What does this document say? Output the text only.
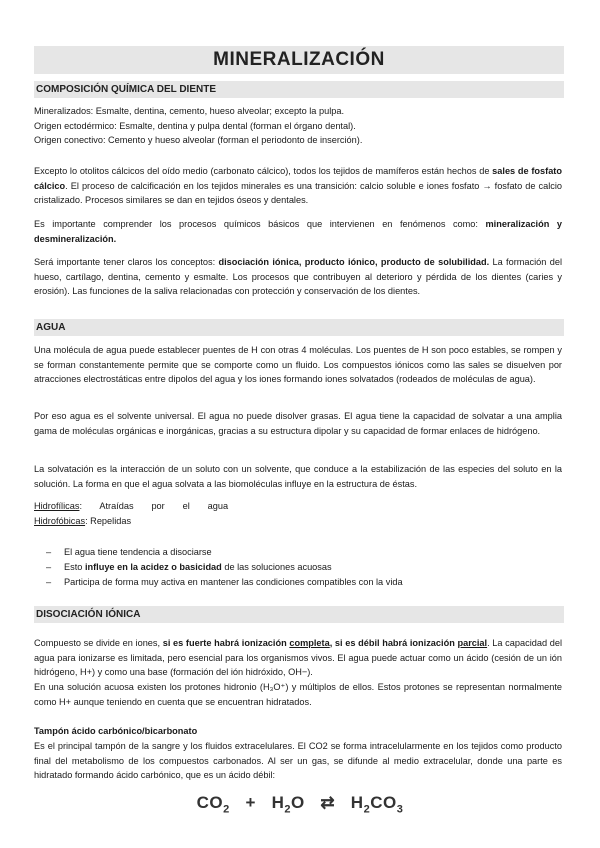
MINERALIZACIÓN
COMPOSICIÓN QUÍMICA DEL DIENTE

Mineralizados: Esmalte, dentina, cemento, hueso alveolar; excepto la pulpa.
Origen ectodérmico: Esmalte, dentina y pulpa dental (forman el órgano dental).
Origen conectivo: Cemento y hueso alveolar (forman el periodonto de inserción).

Excepto lo otolitos cálcicos del oído medio (carbonato cálcico), todos los tejidos de mamíferos están hechos de sales de fosfato cálcico. El proceso de calcificación en los tejidos minerales es una transición: calcio soluble e iones fosfato → fosfato de calcio cristalizado. Procesos similares se dan en tejidos óseos y dentales.

Es importante comprender los procesos químicos básicos que intervienen en fenómenos como: mineralización y desmineralización.

Será importante tener claros los conceptos: disociación iónica, producto iónico, producto de solubilidad. La formación del hueso, cartílago, dentina, cemento y esmalte. Los procesos que contribuyen al deterioro y pérdida de los dientes (caries y erosión). Las funciones de la saliva relacionadas con protección y conservación de los dientes.

AGUA

Una molécula de agua puede establecer puentes de H con otras 4 moléculas. Los puentes de H son poco estables, se rompen y se forman constantemente permite que se comporte como un fluido. Los compuestos iónicos como las sales se disuelven por atracciones electrostáticas entre dipolos del agua y los iones formando iones solvatados (rodeados de moléculas de agua).

Por eso agua es el solvente universal. El agua no puede disolver grasas. El agua tiene la capacidad de solvatar a una amplia gama de moléculas orgánicas e inorgánicas, gracias a su estructura dipolar y su capacidad de formar enlaces de hidrógeno.

La solvatación es la interacción de un soluto con un solvente, que conduce a la estabilización de las especies del soluto en la solución. La forma en que el agua solvata a las biomoléculas influye en la estructura de éstas.

Hidrofílicas:       Atraídas       por       el       agua
Hidrofóbicas: Repelidas

– El agua tiene tendencia a disociarse
– Esto influye en la acidez o basicidad de las soluciones acuosas
– Participa de forma muy activa en mantener las condiciones compatibles con la vida
DISOCIACIÓN IÓNICA

Compuesto se divide en iones, si es fuerte habrá ionización completa, si es débil habrá ionización parcial. La capacidad del agua para ionizarse es limitada, pero esencial para los organismos vivos. El agua puede actuar como un ácido (cesión de un ión hidrógeno, H+) y como una base (formación del ión hidróxido, OH−).

En una solución acuosa existen los protones hidronio (H₃O⁺) y múltiplos de ellos. Estos protones se representan normalmente como H+ aunque teniendo en cuenta que se encuentran hidratados.

Tampón ácido carbónico/bicarbonato

Es el principal tampón de la sangre y los fluidos extracelulares. El CO2 se forma intracelularmente en los tejidos como producto final del metabolismo de los compuestos carbonados. Al ser un gas, se difunde al medio extracelular, donde una parte es hidratado formando ácido carbónico, que es un ácido débil:

$CO_2 + H_2O$ ⇄ $H_2CO_3$
